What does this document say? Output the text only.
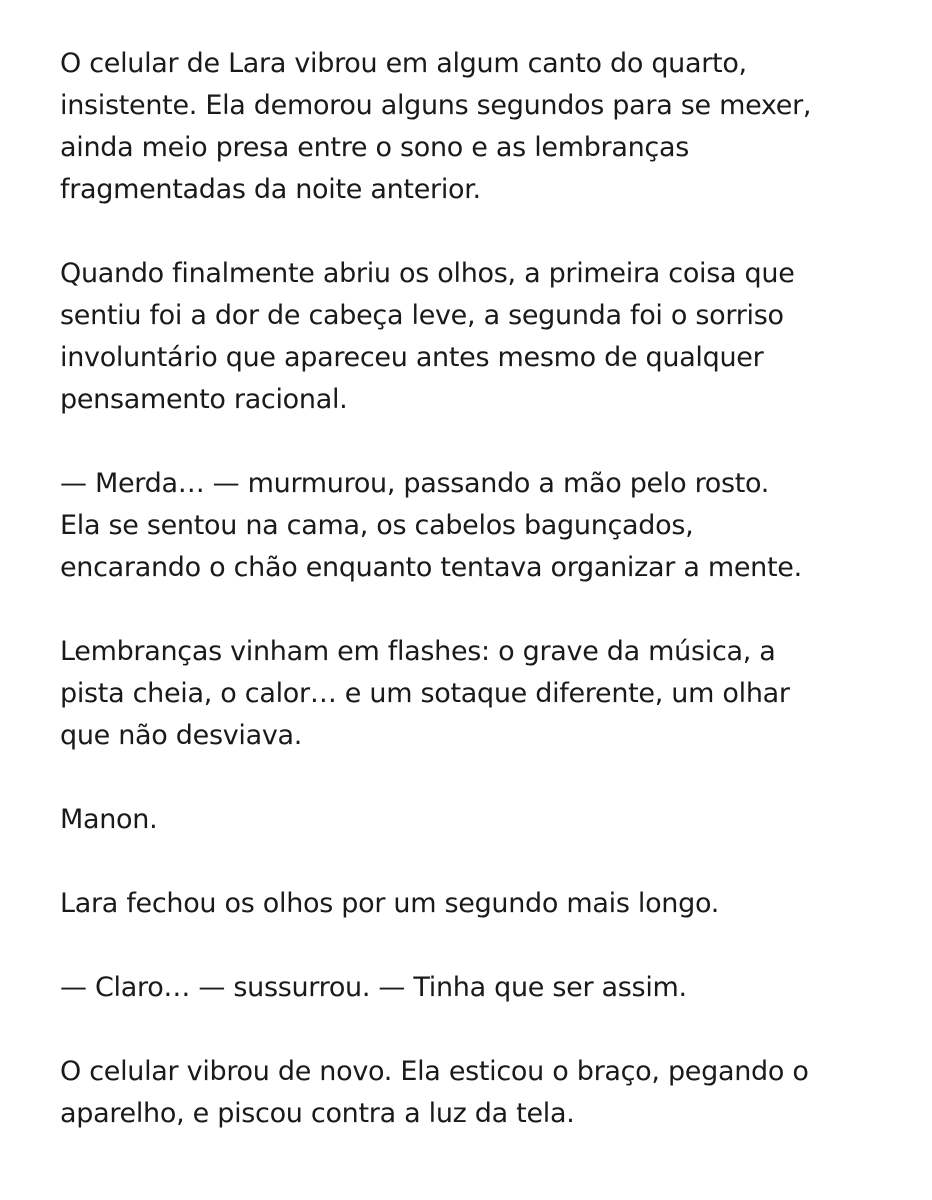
O celular de Lara vibrou em algum canto do quarto,
insistente. Ela demorou alguns segundos para se mexer,
ainda meio presa entre o sono e as lembranças
fragmentadas da noite anterior.

Quando finalmente abriu os olhos, a primeira coisa que
sentiu foi a dor de cabeça leve, a segunda foi o sorriso
involuntário que apareceu antes mesmo de qualquer
pensamento racional.

— Merda… — murmurou, passando a mão pelo rosto.
Ela se sentou na cama, os cabelos bagunçados,
encarando o chão enquanto tentava organizar a mente.

Lembranças vinham em flashes: o grave da música, a
pista cheia, o calor… e um sotaque diferente, um olhar
que não desviava.

Manon.

Lara fechou os olhos por um segundo mais longo.

— Claro… — sussurrou. — Tinha que ser assim.

O celular vibrou de novo. Ela esticou o braço, pegando o
aparelho, e piscou contra a luz da tela.
